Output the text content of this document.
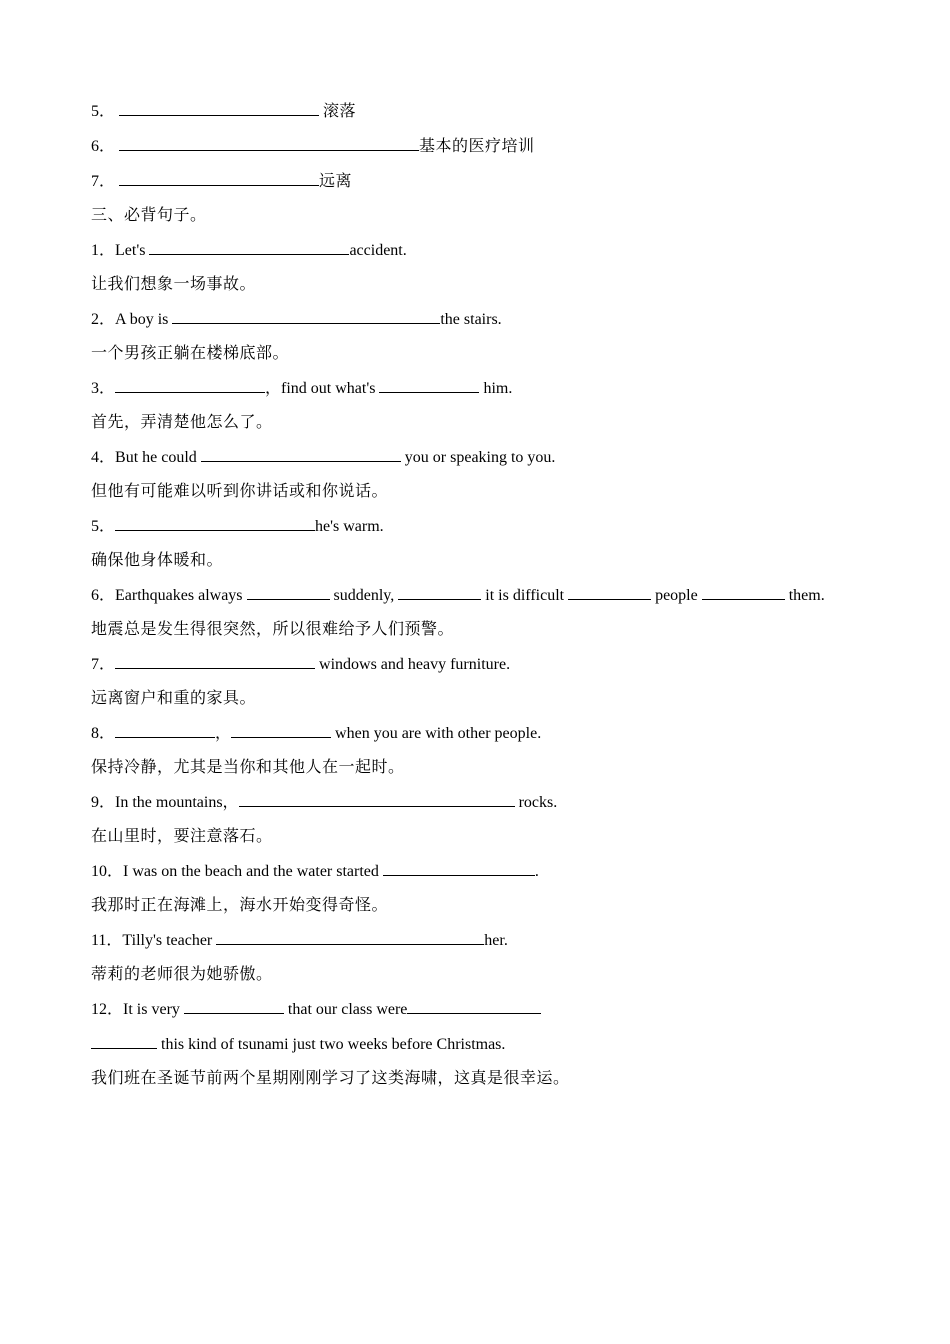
5．	滚落
6．	基本的医疗培训
7．	远离
三、必背句子。
1．Let's	accident.
让我们想象一场事故。
2．A boy is	the stairs.
一个男孩正躺在楼梯底部。
3．	，find out what's	him.
首先，弄清楚他怎么了。
4．But he could	you or speaking to you.
但他有可能难以听到你讲话或和你说话。
5．	he's warm.
确保他身体暖和。
6．Earthquakes always	suddenly,	it is difficult	people	them.
地震总是发生得很突然，所以很难给予人们预警。
7．	windows and heavy furniture.
远离窗户和重的家具。
8．	，	when you are with other people.
保持冷静，尤其是当你和其他人在一起时。
9．In the mountains，	rocks.
在山里时，要注意落石。
10．I was on the beach and the water started	.
我那时正在海滩上，海水开始变得奇怪。
11．Tilly's teacher	her.
蒂莉的老师很为她骄傲。
12．It is very	that our class were
this kind of tsunami just two weeks before Christmas.
我们班在圣诞节前两个星期刚刚学习了这类海啸，这真是很幸运。
